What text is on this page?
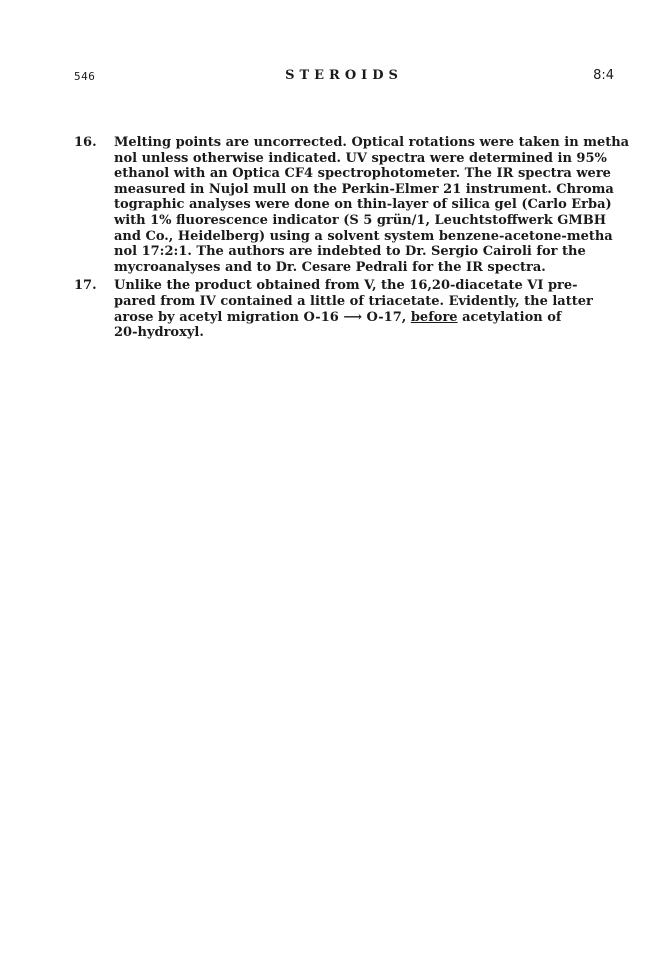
546	STEROIDS	8:4
16.	Melting points are uncorrected. Optical rotations were taken in metha
nol unless otherwise indicated. UV spectra were determined in 95%
ethanol with an Optica CF4 spectrophotometer. The IR spectra were
measured in Nujol mull on the Perkin-Elmer 21 instrument. Chroma
tographic analyses were done on thin-layer of silica gel (Carlo Erba)
with 1% fluorescence indicator (S 5 grün/1, Leuchtstoffwerk GMBH
and Co., Heidelberg) using a solvent system benzene-acetone-metha
nol 17:2:1. The authors are indebted to Dr. Sergio Cairoli for the
mycroanalyses and to Dr. Cesare Pedrali for the IR spectra.
17.	Unlike the product obtained from V, the 16,20-diacetate VI pre-
pared from IV contained a little of triacetate. Evidently, the latter
arose by acetyl migration O-16 ⟶ O-17, before acetylation of
20-hydroxyl.
